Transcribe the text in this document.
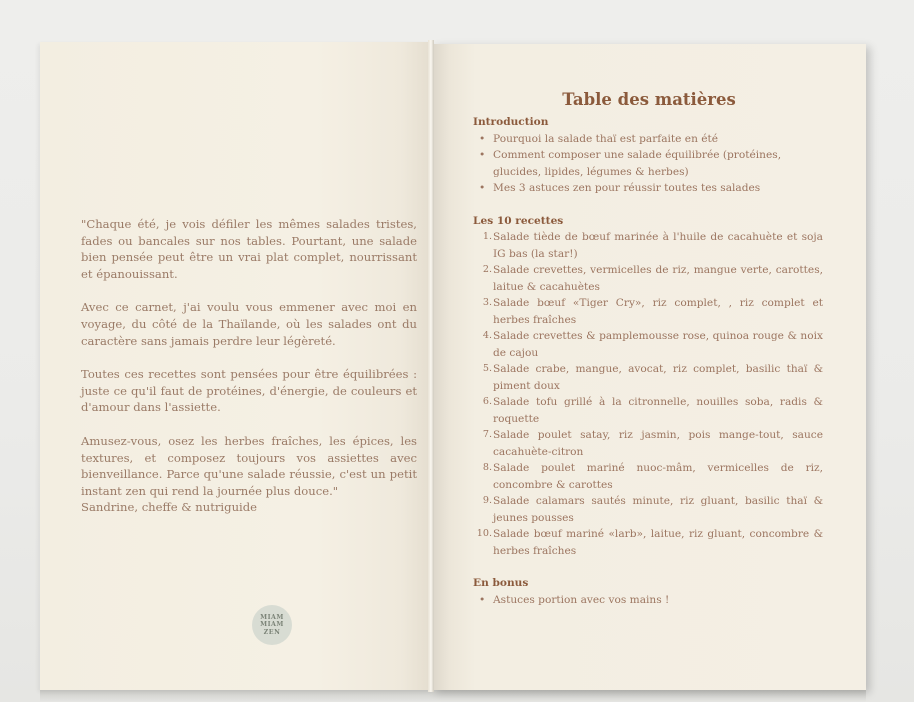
"Chaque été, je vois défiler les mêmes salades tristes, fades ou bancales sur nos tables. Pourtant, une salade bien pensée peut être un vrai plat complet, nourrissant et épanouissant.

Avec ce carnet, j'ai voulu vous emmener avec moi en voyage, du côté de la Thaïlande, où les salades ont du caractère sans jamais perdre leur légèreté.

Toutes ces recettes sont pensées pour être équilibrées : juste ce qu'il faut de protéines, d'énergie, de couleurs et d'amour dans l'assiette.

Amusez-vous, osez les herbes fraîches, les épices, les textures, et composez toujours vos assiettes avec bienveillance. Parce qu'une salade réussie, c'est un petit instant zen qui rend la journée plus douce."

Sandrine, cheffe & nutriguide
MIAM
MIAM
ZEN
Table des matières
Introduction
• Pourquoi la salade thaï est parfaite en été
• Comment composer une salade équilibrée (protéines, glucides, lipides, légumes & herbes)
• Mes 3 astuces zen pour réussir toutes tes salades
Les 10 recettes
1. Salade tiède de bœuf marinée à l'huile de cacahuète et soja IG bas (la star!)
2. Salade crevettes, vermicelles de riz, mangue verte, carottes, laitue & cacahuètes
3. Salade bœuf «Tiger Cry», riz complet, , riz complet et herbes fraîches
4. Salade crevettes & pamplemousse rose, quinoa rouge & noix de cajou
5. Salade crabe, mangue, avocat, riz complet, basilic thaï & piment doux
6. Salade tofu grillé à la citronnelle, nouilles soba, radis & roquette
7. Salade poulet satay, riz jasmin, pois mange-tout, sauce cacahuète-citron
8. Salade poulet mariné nuoc-mâm, vermicelles de riz, concombre & carottes
9. Salade calamars sautés minute, riz gluant, basilic thaï & jeunes pousses
10. Salade bœuf mariné «larb», laitue, riz gluant, concombre & herbes fraîches
En bonus
• Astuces portion avec vos mains !
